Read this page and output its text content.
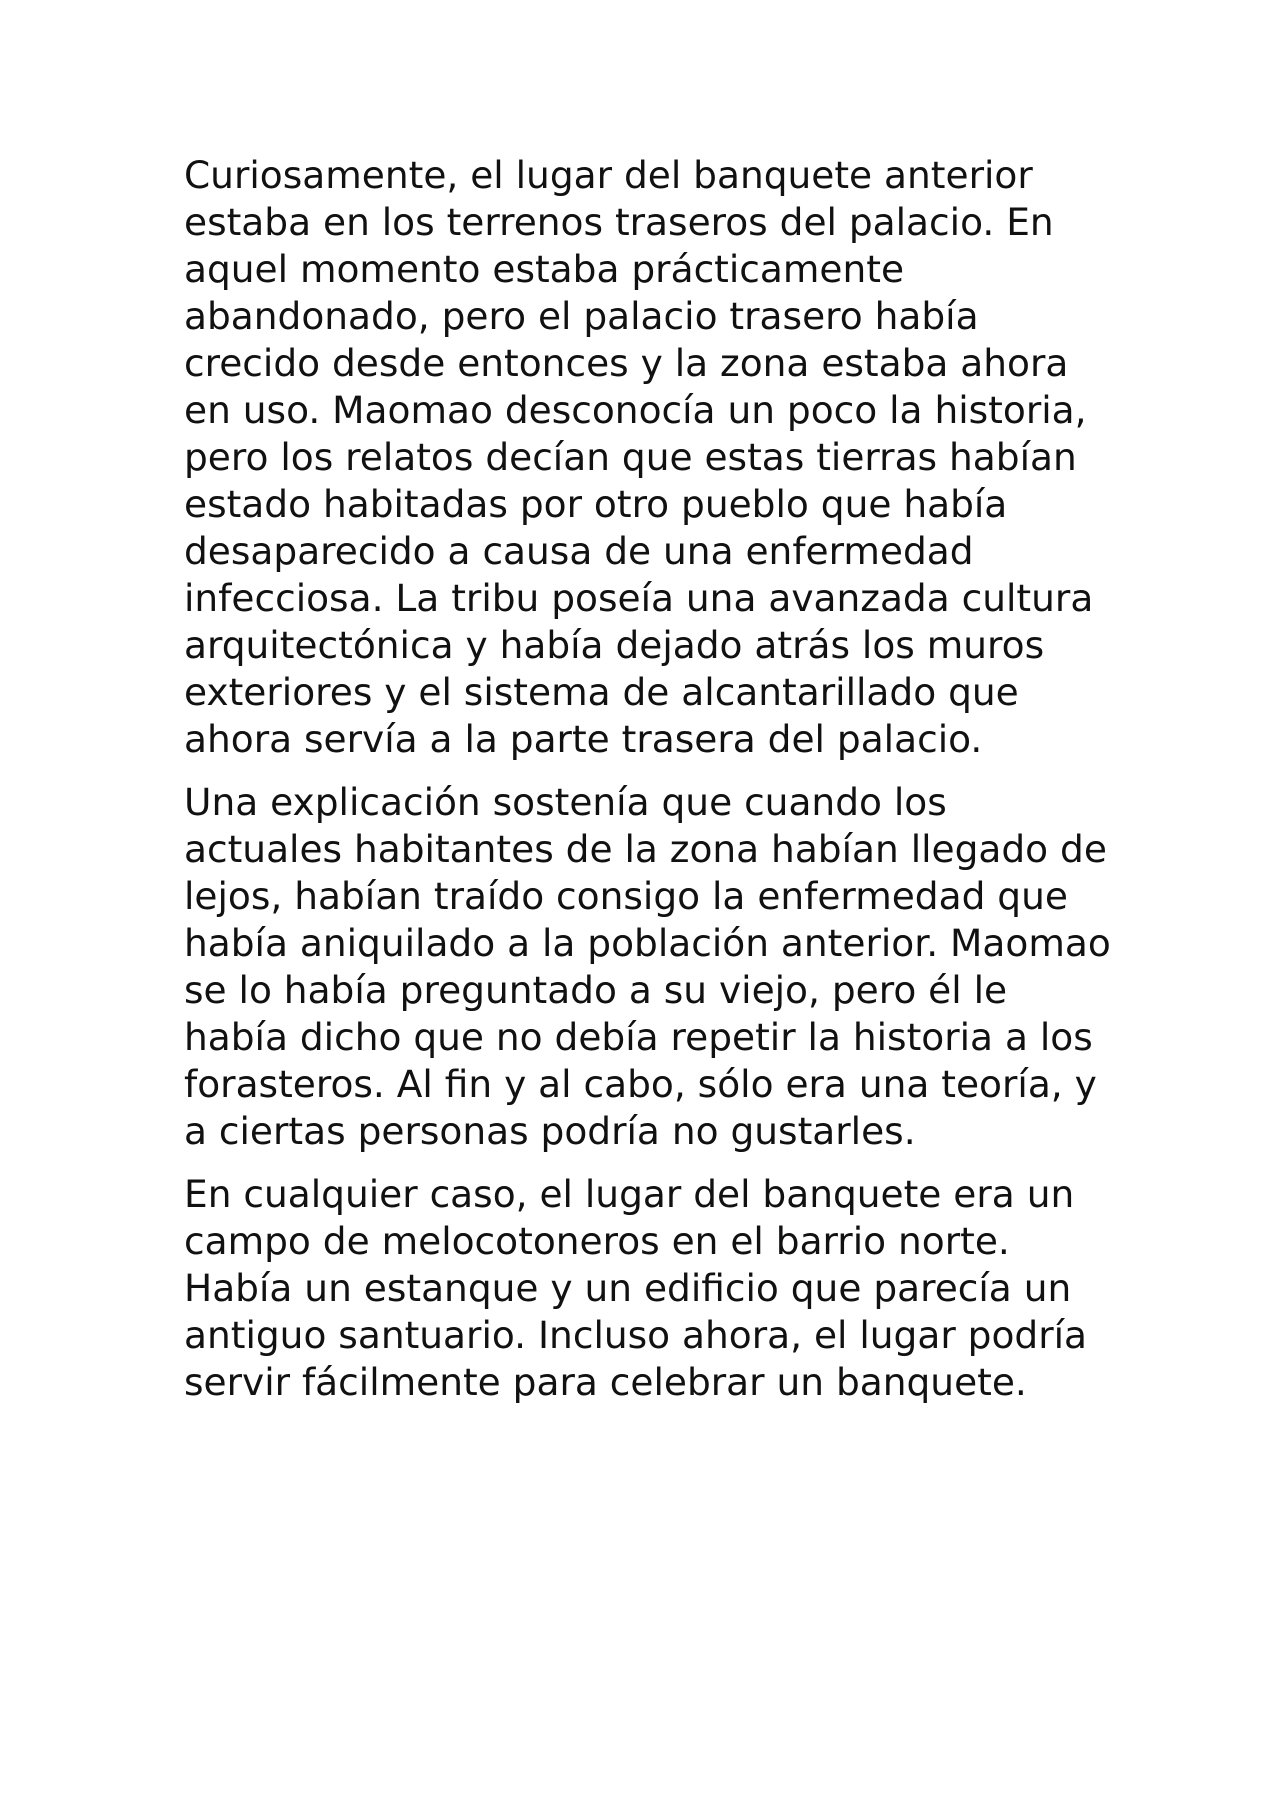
Curiosamente, el lugar del banquete anterior estaba en los terrenos traseros del palacio. En aquel momento estaba prácticamente abandonado, pero el palacio trasero había crecido desde entonces y la zona estaba ahora en uso. Maomao desconocía un poco la historia, pero los relatos decían que estas tierras habían estado habitadas por otro pueblo que había desaparecido a causa de una enfermedad infecciosa. La tribu poseía una avanzada cultura arquitectónica y había dejado atrás los muros exteriores y el sistema de alcantarillado que ahora servía a la parte trasera del palacio.

Una explicación sostenía que cuando los actuales habitantes de la zona habían llegado de lejos, habían traído consigo la enfermedad que había aniquilado a la población anterior. Maomao se lo había preguntado a su viejo, pero él le había dicho que no debía repetir la historia a los forasteros. Al fin y al cabo, sólo era una teoría, y a ciertas personas podría no gustarles.

En cualquier caso, el lugar del banquete era un campo de melocotoneros en el barrio norte. Había un estanque y un edificio que parecía un antiguo santuario. Incluso ahora, el lugar podría servir fácilmente para celebrar un banquete.
